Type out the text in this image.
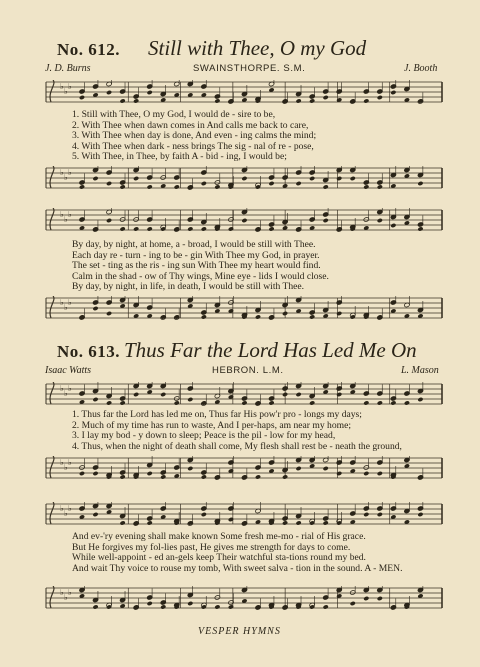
No. 612. Still with Thee, O my God
J. D. Burns	SWAINSTHORPE. S.M.	J. Booth
♭
♭
♭
1. Still with Thee, O my God, I would de - sire to be,
2. With Thee when dawn comes in And calls me back to care,
3. With Thee when day is done, And even - ing calms the mind;
4. With Thee when dark - ness brings The sig - nal of re - pose,
5. With Thee, in Thee, by faith A - bid - ing, I would be;
♭
♭
♭
♭
♭
♭
By day, by night, at home, a - broad, I would be still with Thee.
Each day re - turn - ing to be - gin With Thee my God, in prayer.
The set - ting as the ris - ing sun With Thee my heart would find.
Calm in the shad - ow of Thy wings, Mine eye - lids I would close.
By day, by night, in life, in death, I would be still with Thee.
♭
♭
♭
No. 613. Thus Far the Lord Has Led Me On
Isaac Watts	HEBRON. L.M.	L. Mason
♭
♭
♭
1. Thus far the Lord has led me on, Thus far His pow'r pro - longs my days;
2. Much of my time has run to waste, And I per-haps, am near my home;
3. I lay my bod - y down to sleep; Peace is the pil - low for my head,
4. Thus, when the night of death shall come, My flesh shall rest be - neath the ground,
♭
♭
♭
♭
♭
♭
And ev-'ry evening shall make known Some fresh me-mo - rial of His grace.
But He forgives my fol-lies past, He gives me strength for days to come.
While well-appoint - ed an-gels keep Their watchful sta-tions round my bed.
And wait Thy voice to rouse my tomb, With sweet salva - tion in the sound. A - MEN.
♭
♭
♭
VESPER HYMNS
